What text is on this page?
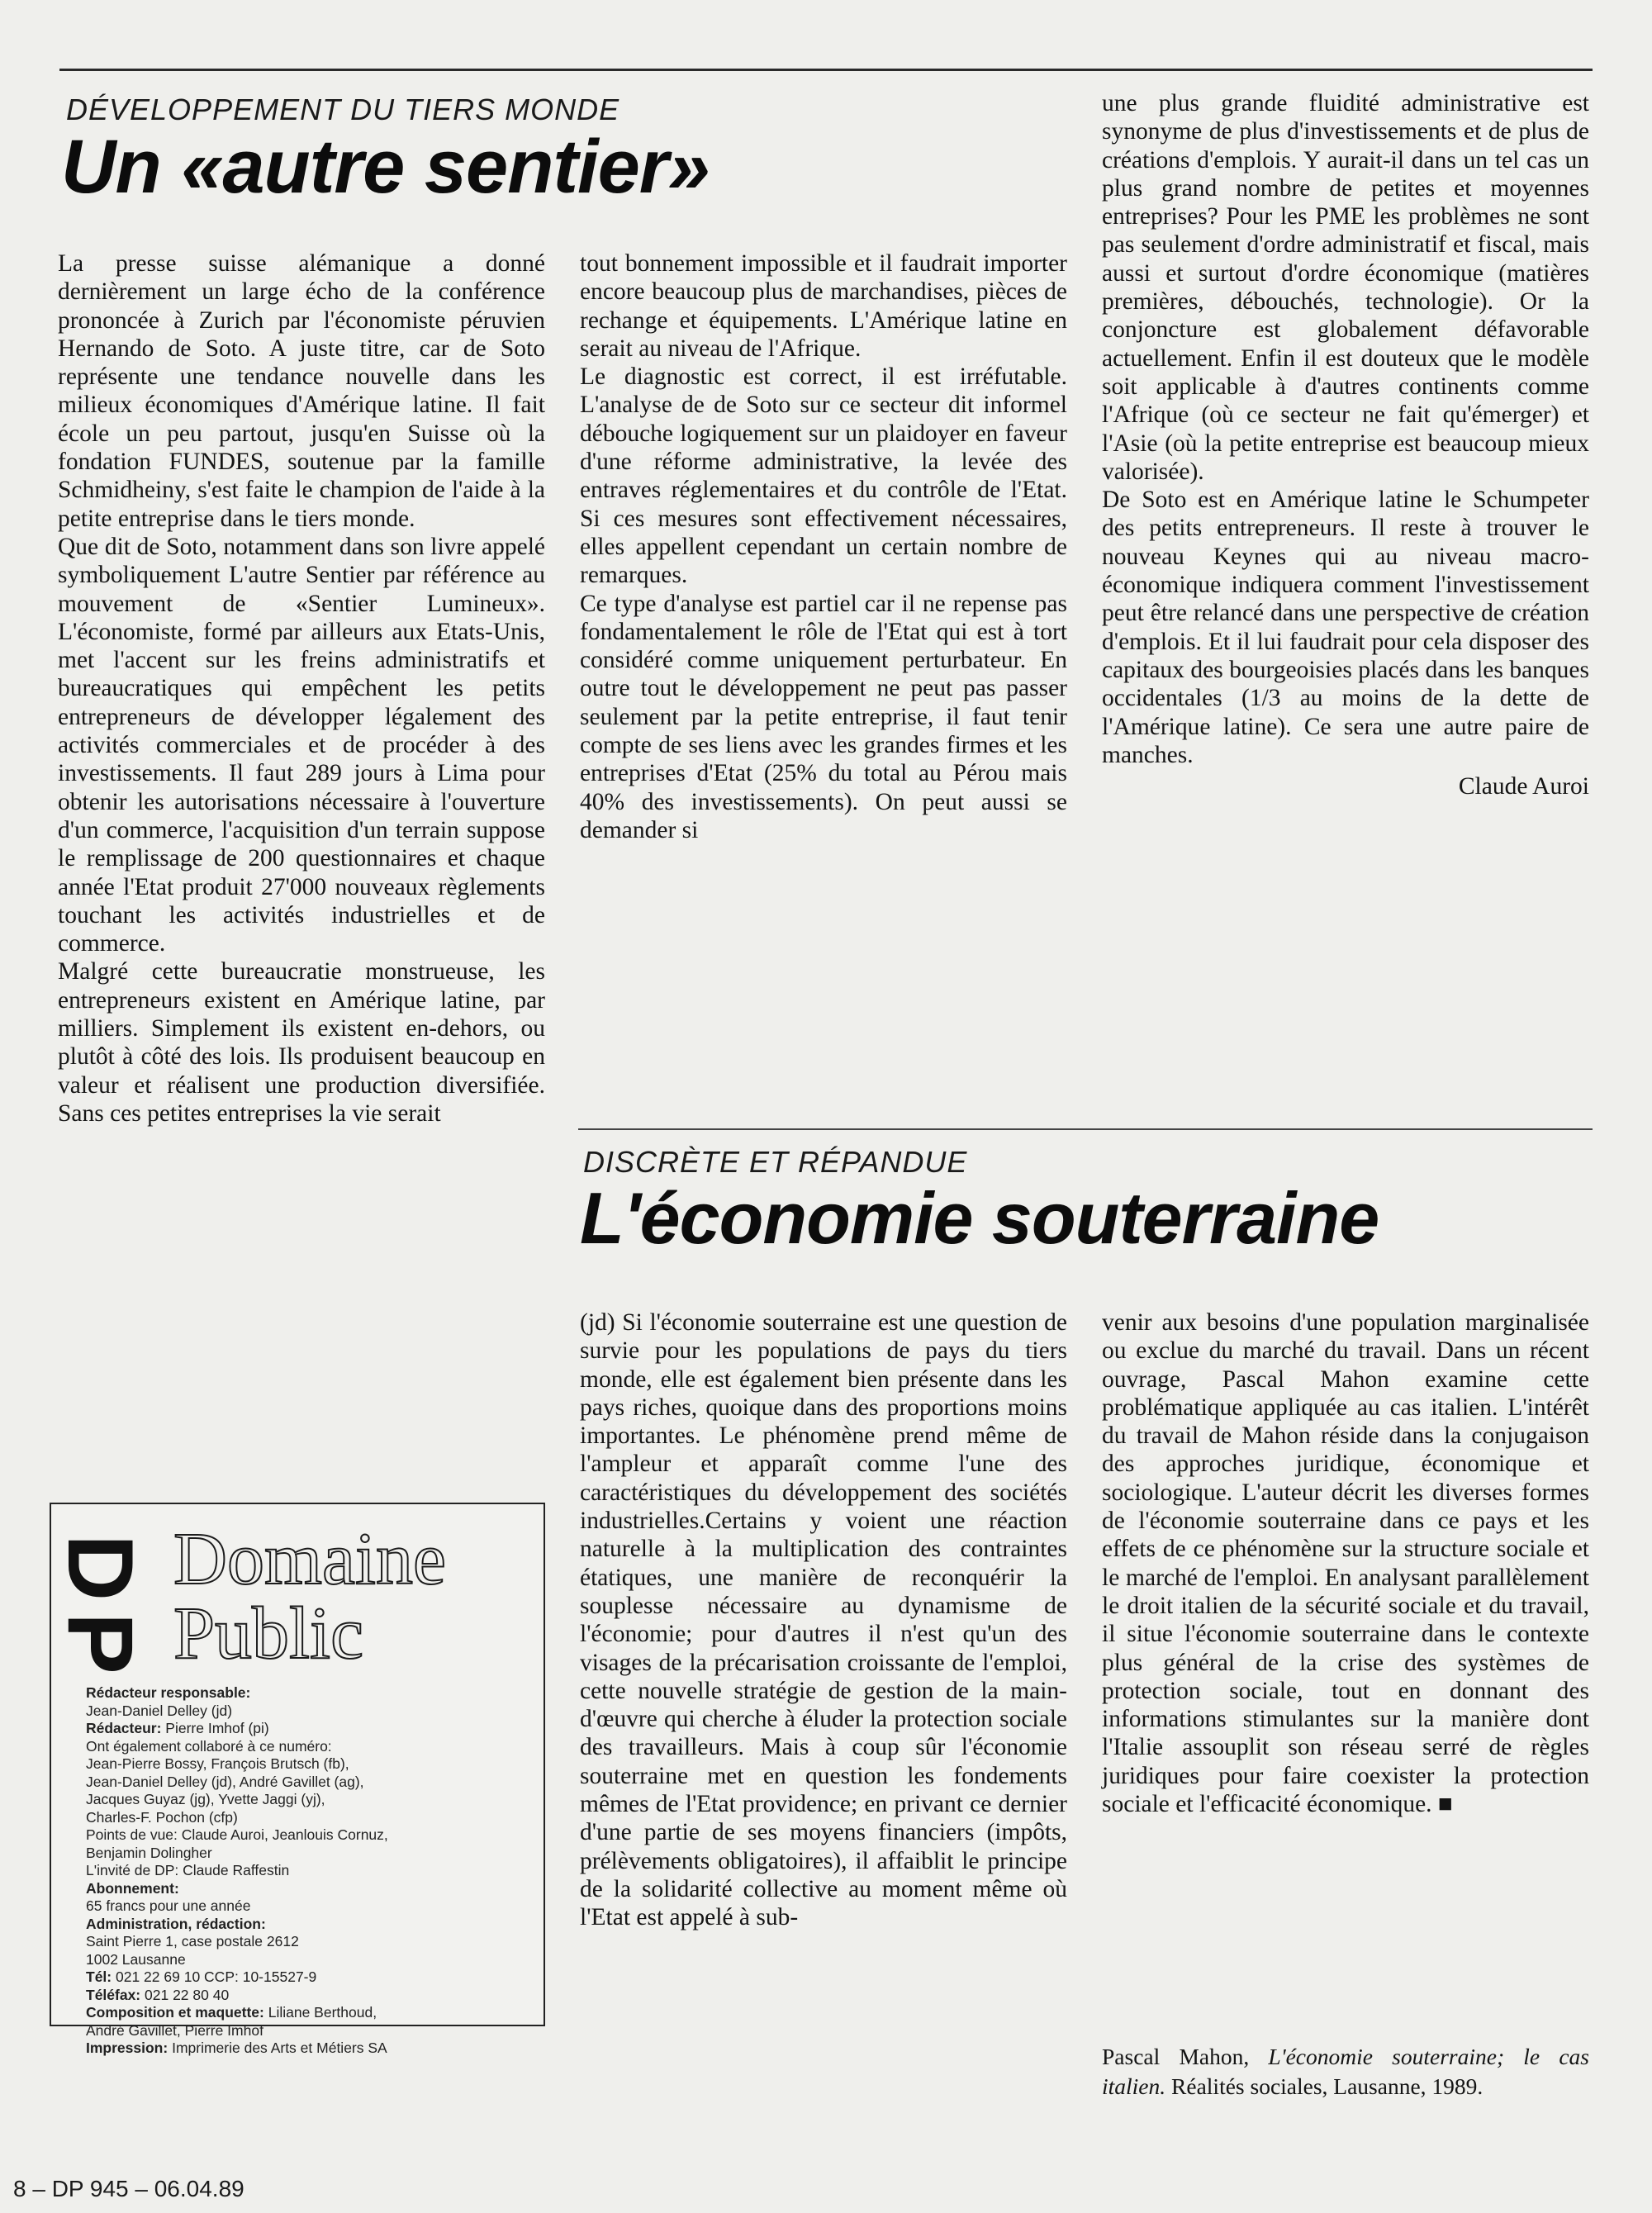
DÉVELOPPEMENT DU TIERS MONDE
Un «autre sentier»

La presse suisse alémanique a donné dernièrement un large écho de la conférence prononcée à Zurich par l'économiste péruvien Hernando de Soto. A juste titre, car de Soto représente une tendance nouvelle dans les milieux économiques d'Amérique latine. Il fait école un peu partout, jusqu'en Suisse où la fondation FUNDES, soutenue par la famille Schmidheiny, s'est faite le champion de l'aide à la petite entreprise dans le tiers monde.

Que dit de Soto, notamment dans son livre appelé symboliquement L'autre Sentier par référence au mouvement de «Sentier Lumineux». L'économiste, formé par ailleurs aux Etats-Unis, met l'accent sur les freins administratifs et bureaucratiques qui empêchent les petits entrepreneurs de développer légalement des activités commerciales et de procéder à des investissements. Il faut 289 jours à Lima pour obtenir les autorisations nécessaire à l'ouverture d'un commerce, l'acquisition d'un terrain suppose le remplissage de 200 questionnaires et chaque année l'Etat produit 27'000 nouveaux règlements touchant les activités industrielles et de commerce.

Malgré cette bureaucratie monstrueuse, les entrepreneurs existent en Amérique latine, par milliers. Simplement ils existent en-dehors, ou plutôt à côté des lois. Ils produisent beaucoup en valeur et réalisent une production diversifiée. Sans ces petites entreprises la vie serait

tout bonnement impossible et il faudrait importer encore beaucoup plus de marchandises, pièces de rechange et équipements. L'Amérique latine en serait au niveau de l'Afrique.

Le diagnostic est correct, il est irréfutable. L'analyse de de Soto sur ce secteur dit informel débouche logiquement sur un plaidoyer en faveur d'une réforme administrative, la levée des entraves réglementaires et du contrôle de l'Etat. Si ces mesures sont effectivement nécessaires, elles appellent cependant un certain nombre de remarques.

Ce type d'analyse est partiel car il ne repense pas fondamentalement le rôle de l'Etat qui est à tort considéré comme uniquement perturbateur. En outre tout le développement ne peut pas passer seulement par la petite entreprise, il faut tenir compte de ses liens avec les grandes firmes et les entreprises d'Etat (25% du total au Pérou mais 40% des investissements). On peut aussi se demander si

une plus grande fluidité administrative est synonyme de plus d'investissements et de plus de créations d'emplois. Y aurait-il dans un tel cas un plus grand nombre de petites et moyennes entreprises? Pour les PME les problèmes ne sont pas seulement d'ordre administratif et fiscal, mais aussi et surtout d'ordre économique (matières premières, débouchés, technologie). Or la conjoncture est globalement défavorable actuellement. Enfin il est douteux que le modèle soit applicable à d'autres continents comme l'Afrique (où ce secteur ne fait qu'émerger) et l'Asie (où la petite entreprise est beaucoup mieux valorisée).

De Soto est en Amérique latine le Schumpeter des petits entrepreneurs. Il reste à trouver le nouveau Keynes qui au niveau macro-économique indiquera comment l'investissement peut être relancé dans une perspective de création d'emplois. Et il lui faudrait pour cela disposer des capitaux des bourgeoisies placés dans les banques occidentales (1/3 au moins de la dette de l'Amérique latine). Ce sera une autre paire de manches.

Claude Auroi

DISCRÈTE ET RÉPANDUE
L'économie souterraine

(jd) Si l'économie souterraine est une question de survie pour les populations de pays du tiers monde, elle est également bien présente dans les pays riches, quoique dans des proportions moins importantes. Le phénomène prend même de l'ampleur et apparaît comme l'une des caractéristiques du développement des sociétés industrielles.Certains y voient une réaction naturelle à la multiplication des contraintes étatiques, une manière de reconquérir la souplesse nécessaire au dynamisme de l'économie; pour d'autres il n'est qu'un des visages de la précarisation croissante de l'emploi, cette nouvelle stratégie de gestion de la main-d'œuvre qui cherche à éluder la protection sociale des travailleurs. Mais à coup sûr l'économie souterraine met en question les fondements mêmes de l'Etat providence; en privant ce dernier d'une partie de ses moyens financiers (impôts, prélèvements obligatoires), il affaiblit le principe de la solidarité collective au moment même où l'Etat est appelé à sub-

venir aux besoins d'une population marginalisée ou exclue du marché du travail. Dans un récent ouvrage, Pascal Mahon examine cette problématique appliquée au cas italien. L'intérêt du travail de Mahon réside dans la conjugaison des approches juridique, économique et sociologique. L'auteur décrit les diverses formes de l'économie souterraine dans ce pays et les effets de ce phénomène sur la structure sociale et le marché de l'emploi. En analysant parallèlement le droit italien de la sécurité sociale et du travail, il situe l'économie souterraine dans le contexte plus général de la crise des systèmes de protection sociale, tout en donnant des informations stimulantes sur la manière dont l'Italie assouplit son réseau serré de règles juridiques pour faire coexister la protection sociale et l'efficacité économique. ■

Pascal Mahon, L'économie souterraine; le cas italien. Réalités sociales, Lausanne, 1989.
DP Domaine
Public
Rédacteur responsable:
Jean-Daniel Delley (jd)
Rédacteur: Pierre Imhof (pi)
Ont également collaboré à ce numéro:
Jean-Pierre Bossy, François Brutsch (fb),
Jean-Daniel Delley (jd), André Gavillet (ag),
Jacques Guyaz (jg), Yvette Jaggi (yj),
Charles-F. Pochon (cfp)
Points de vue: Claude Auroi, Jeanlouis Cornuz,
Benjamin Dolingher
L'invité de DP: Claude Raffestin
Abonnement:
65 francs pour une année
Administration, rédaction:
Saint Pierre 1, case postale 2612
1002 Lausanne
Tél: 021 22 69 10 CCP: 10-15527-9
Téléfax: 021 22 80 40
Composition et maquette: Liliane Berthoud,
André Gavillet, Pierre Imhof
Impression: Imprimerie des Arts et Métiers SA
8 – DP 945 – 06.04.89
